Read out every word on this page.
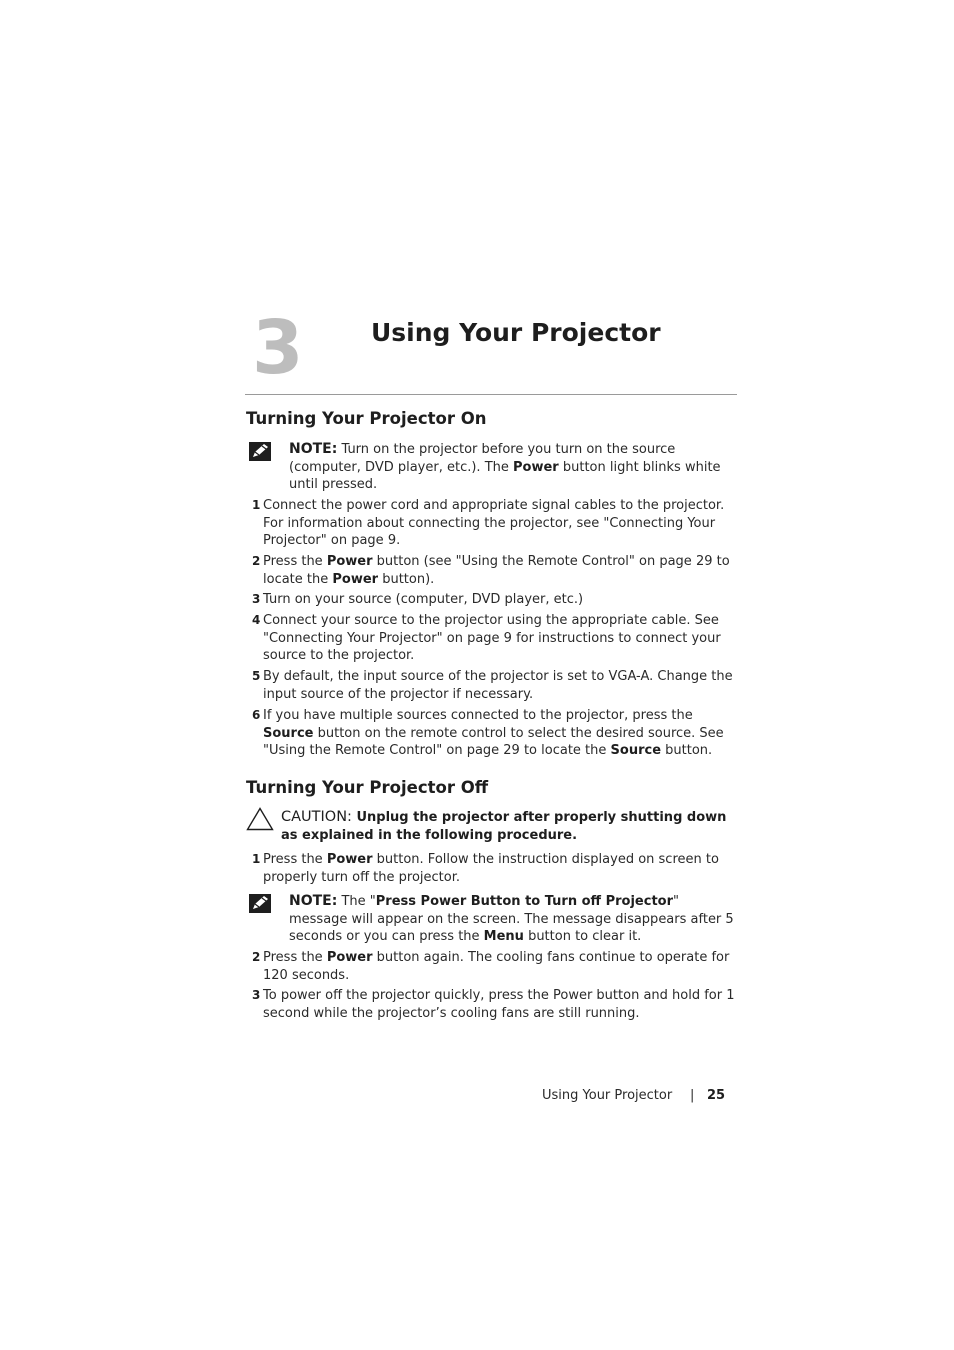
3	Using Your Projector
Turning Your Projector On
NOTE: Turn on the projector before you turn on the source (computer, DVD player, etc.). The Power button light blinks white until pressed.
1 Connect the power cord and appropriate signal cables to the projector. For information about connecting the projector, see "Connecting Your Projector" on page 9.
2 Press the Power button (see "Using the Remote Control" on page 29 to locate the Power button).
3 Turn on your source (computer, DVD player, etc.)
4 Connect your source to the projector using the appropriate cable. See "Connecting Your Projector" on page 9 for instructions to connect your source to the projector.
5 By default, the input source of the projector is set to VGA-A. Change the input source of the projector if necessary.
6 If you have multiple sources connected to the projector, press the Source button on the remote control to select the desired source. See "Using the Remote Control" on page 29 to locate the Source button.
Turning Your Projector Off
CAUTION: Unplug the projector after properly shutting down as explained in the following procedure.
1 Press the Power button. Follow the instruction displayed on screen to properly turn off the projector.
NOTE: The "Press Power Button to Turn off Projector" message will appear on the screen. The message disappears after 5 seconds or you can press the Menu button to clear it.
2 Press the Power button again. The cooling fans continue to operate for 120 seconds.
3 To power off the projector quickly, press the Power button and hold for 1 second while the projector’s cooling fans are still running.
Using Your Projector | 25
